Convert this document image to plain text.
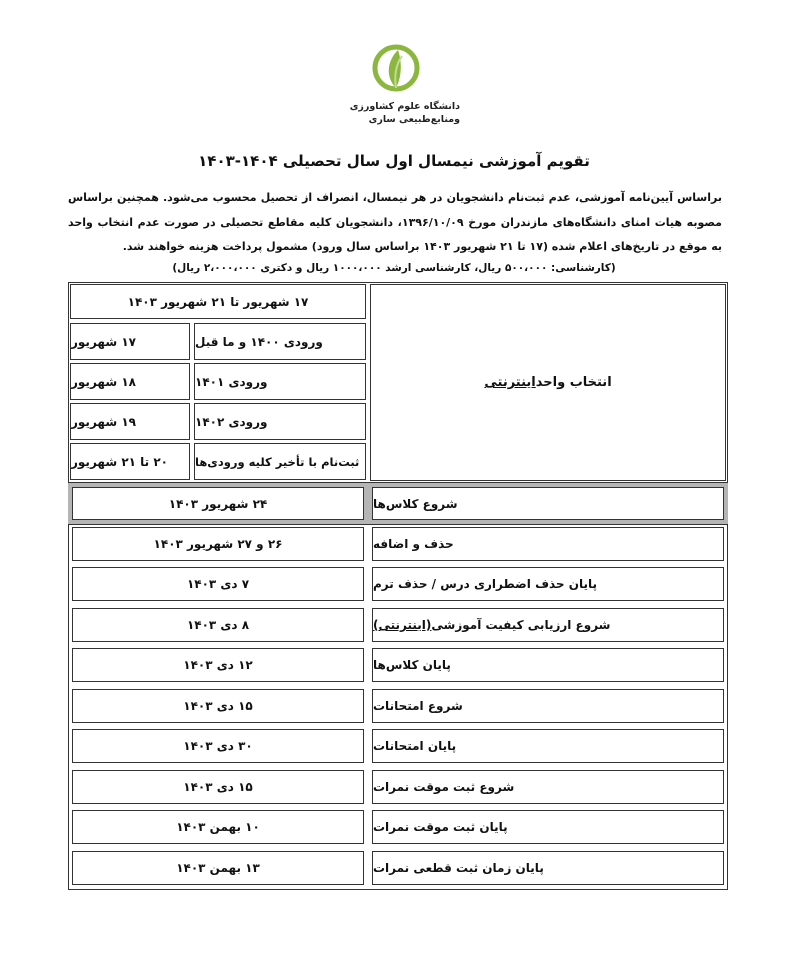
دانشگاه علوم کشاورزی
ومنابع‌طبیعی ساری
تقویم آموزشی نیمسال اول سال تحصیلی ۱۴۰۴-۱۴۰۳
براساس آیین‌نامه آموزشی، عدم ثبت‌نام دانشجویان در هر نیمسال، انصراف از تحصیل محسوب می‌شود. همچنین براساس مصوبه هیات امنای دانشگاه‌های مازندران مورخ ۱۳۹۶/۱۰/۰۹، دانشجویان کلیه مقاطع تحصیلی در صورت عدم انتخاب واحد به موقع در تاریخ‌های اعلام شده (۱۷ تا ۲۱ شهریور ۱۴۰۳ براساس سال ورود) مشمول پرداخت هزینه خواهند شد.
(کارشناسی: ۵۰۰،۰۰۰ ریال، کارشناسی ارشد ۱۰۰۰،۰۰۰ ریال و دکتری ۲،۰۰۰،۰۰۰ ریال)
انتخاب واحد
اینترنتی
۱۷ شهریور تا ۲۱ شهریور ۱۴۰۳
ورودی ۱۴۰۰ و ما قبل
۱۷ شهریور
ورودی ۱۴۰۱
۱۸ شهریور
ورودی ۱۴۰۲
۱۹ شهریور
ثبت‌نام با تأخیر کلیه ورودی‌ها
۲۰ تا ۲۱ شهریور
شروع کلاس‌ها
۲۴ شهریور ۱۴۰۳
حذف و اضافه
۲۶ و ۲۷ شهریور ۱۴۰۳
پایان حذف اضطراری درس / حذف ترم
۷ دی ۱۴۰۳
شروع ارزیابی کیفیت آموزشی
(اینترنتی)
۸ دی ۱۴۰۳
پایان کلاس‌ها
۱۲ دی ۱۴۰۳
شروع امتحانات
۱۵ دی ۱۴۰۳
پایان امتحانات
۳۰ دی ۱۴۰۳
شروع ثبت موقت نمرات
۱۵ دی ۱۴۰۳
پایان ثبت موقت نمرات
۱۰ بهمن ۱۴۰۳
پایان زمان ثبت قطعی نمرات
۱۳ بهمن ۱۴۰۳
